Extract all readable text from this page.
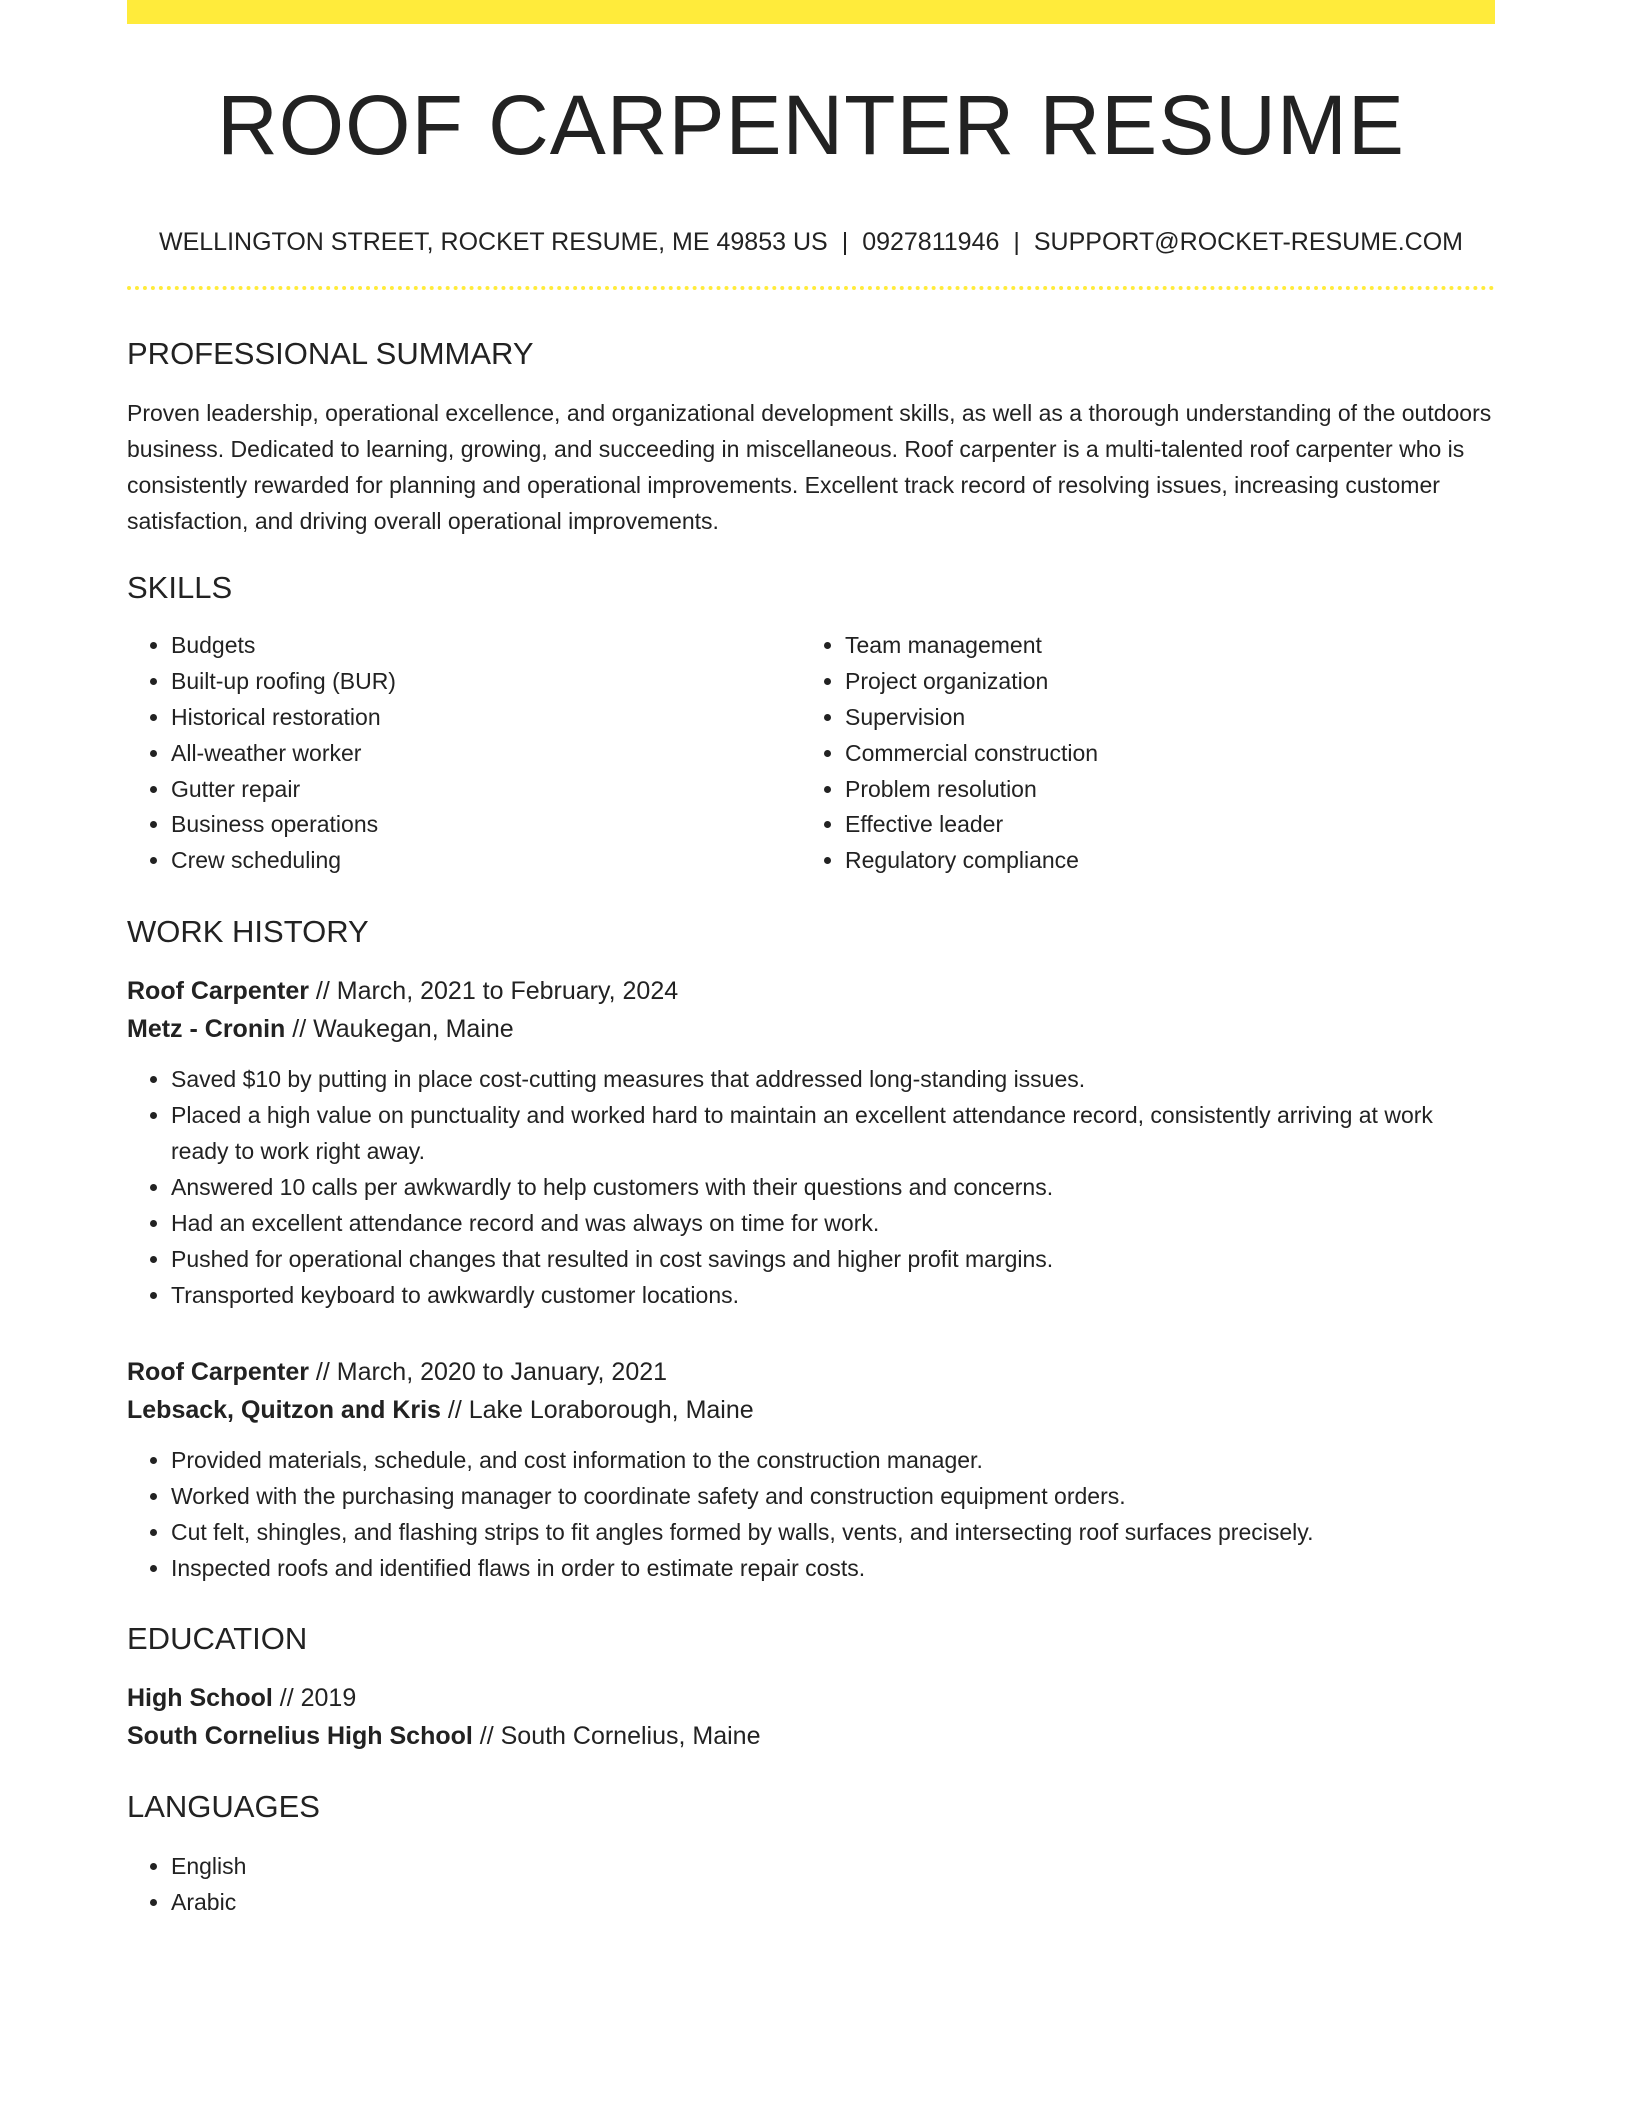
ROOF CARPENTER RESUME
WELLINGTON STREET, ROCKET RESUME, ME 49853 US | 0927811946 | SUPPORT@ROCKET-RESUME.COM
PROFESSIONAL SUMMARY

Proven leadership, operational excellence, and organizational development skills, as well as a thorough understanding of the outdoors business. Dedicated to learning, growing, and succeeding in miscellaneous. Roof carpenter is a multi-talented roof carpenter who is consistently rewarded for planning and operational improvements. Excellent track record of resolving issues, increasing customer satisfaction, and driving overall operational improvements.

SKILLS
• Budgets
• Built-up roofing (BUR)
• Historical restoration
• All-weather worker
• Gutter repair
• Business operations
• Crew scheduling
• Team management
• Project organization
• Supervision
• Commercial construction
• Problem resolution
• Effective leader
• Regulatory compliance
WORK HISTORY
Roof Carpenter // March, 2021 to February, 2024
Metz - Cronin // Waukegan, Maine
• Saved $10 by putting in place cost-cutting measures that addressed long-standing issues.
• Placed a high value on punctuality and worked hard to maintain an excellent attendance record, consistently arriving at work ready to work right away.
• Answered 10 calls per awkwardly to help customers with their questions and concerns.
• Had an excellent attendance record and was always on time for work.
• Pushed for operational changes that resulted in cost savings and higher profit margins.
• Transported keyboard to awkwardly customer locations.
Roof Carpenter // March, 2020 to January, 2021
Lebsack, Quitzon and Kris // Lake Loraborough, Maine
• Provided materials, schedule, and cost information to the construction manager.
• Worked with the purchasing manager to coordinate safety and construction equipment orders.
• Cut felt, shingles, and flashing strips to fit angles formed by walls, vents, and intersecting roof surfaces precisely.
• Inspected roofs and identified flaws in order to estimate repair costs.
EDUCATION
High School // 2019
South Cornelius High School // South Cornelius, Maine
LANGUAGES
• English
• Arabic
